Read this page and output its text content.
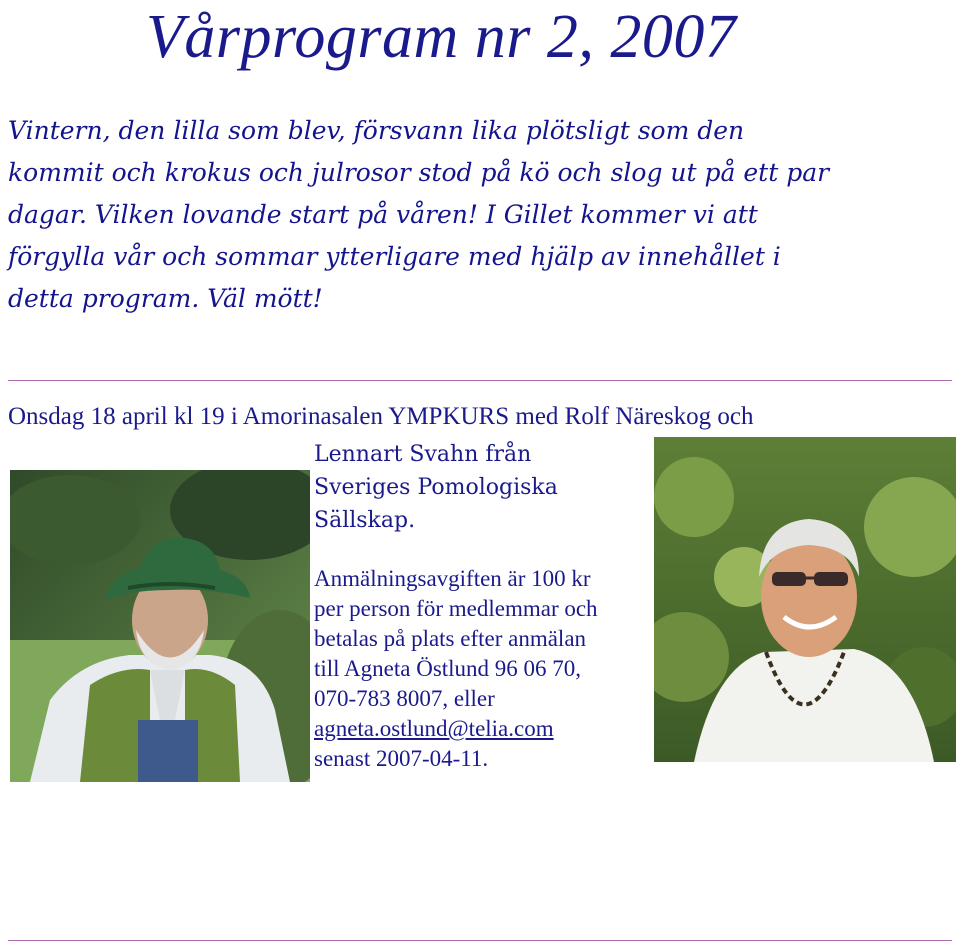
Vårprogram nr 2, 2007
Vintern, den lilla som blev, försvann lika plötsligt som den
kommit och krokus och julrosor stod på kö och slog ut på ett par
dagar. Vilken lovande start på våren! I Gillet kommer vi att
förgylla vår och sommar ytterligare med hjälp av innehållet i
detta program. Väl mött!
Onsdag 18 april kl 19 i Amorinasalen YMPKURS med Rolf Näreskog och
Lennart Svahn från
Sveriges Pomologiska
Sällskap.
Anmälningsavgiften är 100 kr
per person för medlemmar och
betalas på plats efter anmälan
till Agneta Östlund 96 06 70,
070-783 8007, eller
agneta.ostlund@telia.com
senast 2007-04-11.
